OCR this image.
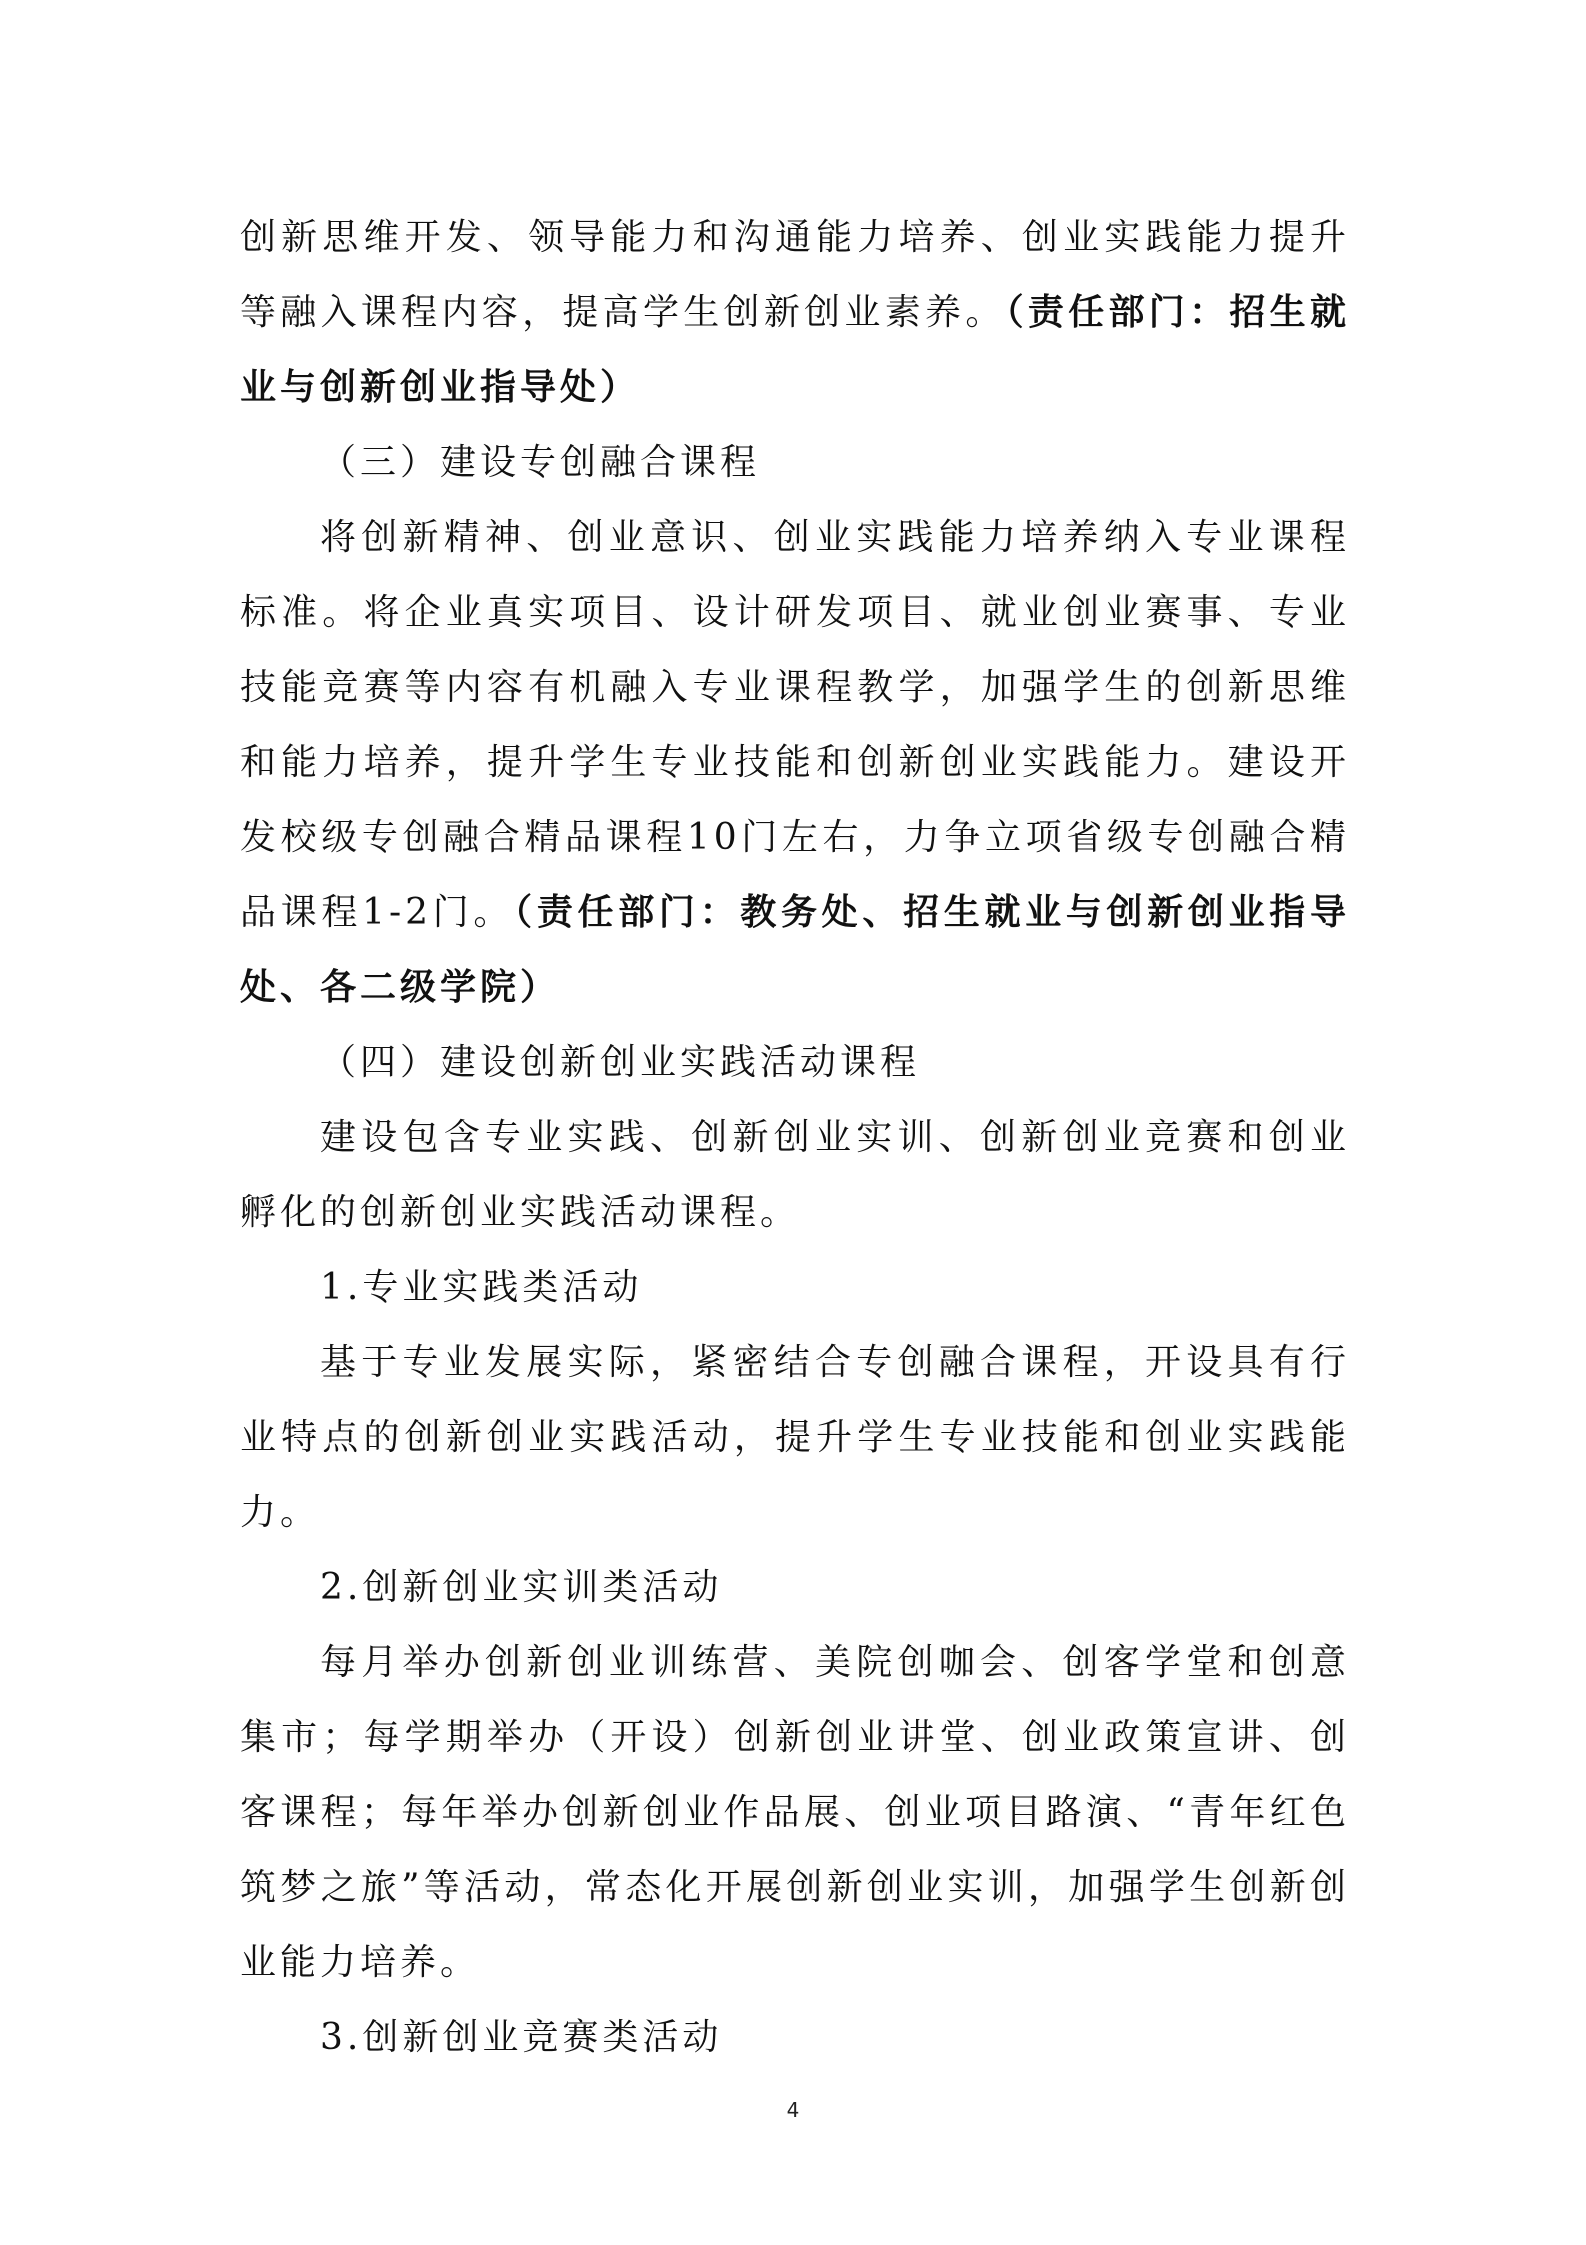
创新思维开发、领导能力和沟通能力培养、创业实践能力提升等融入课程内容，提高学生创新创业素养。（责任部门：招生就业与创新创业指导处）

（三）建设专创融合课程

将创新精神、创业意识、创业实践能力培养纳入专业课程标准。将企业真实项目、设计研发项目、就业创业赛事、专业技能竞赛等内容有机融入专业课程教学，加强学生的创新思维和能力培养，提升学生专业技能和创新创业实践能力。建设开发校级专创融合精品课程10门左右，力争立项省级专创融合精品课程1-2门。（责任部门：教务处、招生就业与创新创业指导处、各二级学院）

（四）建设创新创业实践活动课程

建设包含专业实践、创新创业实训、创新创业竞赛和创业孵化的创新创业实践活动课程。

1.专业实践类活动

基于专业发展实际，紧密结合专创融合课程，开设具有行业特点的创新创业实践活动，提升学生专业技能和创业实践能力。

2.创新创业实训类活动

每月举办创新创业训练营、美院创咖会、创客学堂和创意集市；每学期举办（开设）创新创业讲堂、创业政策宣讲、创客课程；每年举办创新创业作品展、创业项目路演、“青年红色筑梦之旅”等活动，常态化开展创新创业实训，加强学生创新创业能力培养。

3.创新创业竞赛类活动

4
